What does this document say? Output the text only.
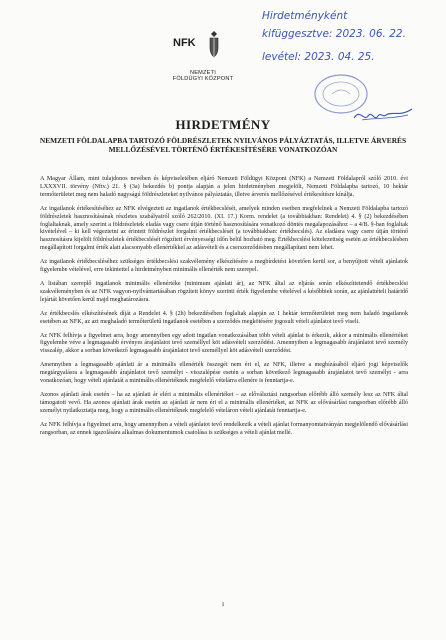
NFK
NEMZETI
FÖLDÜGYI KÖZPONT
Hirdetményként
kifüggesztve: 2023. 06. 22.
levétel: 2023. 04. 25.
HIRDETMÉNY
NEMZETI FÖLDALAPBA TARTOZÓ FÖLDRÉSZLETEK NYILVÁNOS PÁLYÁZTATÁS, ILLETVE ÁRVERÉS MELLŐZÉSÉVEL TÖRTÉNŐ ÉRTÉKESÍTÉSÉRE VONATKOZÓAN

A Magyar Állam, mint tulajdonos nevében és képviseletében eljáró Nemzeti Földügyi Központ (NFK) a Nemzeti Földalapról szóló 2010. évi LXXXVII. törvény (Nftv.) 21. § (3a) bekezdés b) pontja alapján a jelen hirdetményben megjelölt, Nemzeti Földalapba tartozó, 10 hektár termőterületet meg nem haladó nagyságú földrészleteket nyilvános pályáztatás, illetve árverés mellőzésével értékesítésre kínálja.

Az ingatlanok értékesítéséhez az NFK elvégezteti az ingatlanok értékbecslését, amelyek minden esetben megfelelnek a Nemzeti Földalapba tartozó földrészletek hasznosításának részletes szabályairól szóló 262/2010. (XI. 17.) Korm. rendelet (a továbbiakban: Rendelet) 4. § (2) bekezdésében foglaltaknak, amely szerint a földrészletek eladás vagy csere útján történő hasznosítására vonatkozó döntés megalapozásához – a 4/B. §-ban foglaltak kivételével – ki kell végeztetni az érintett földrészlet forgalmi értékbecslését (a továbbiakban: értékbecslés). Az eladásra vagy csere útján történő hasznosításra kijelölt földrészletek értékbecslését rögzített érvényességi időn belül hozható meg. Értékbecslési kötelezettség esetén az értékbecslésben megállapított forgalmi érték alatt alacsonyabb ellenértékkel az adásvételi és a cserszerződésben megállapítani nem lehet.

Az ingatlanok értékbecsléséhez szükséges értékbecslési szakvélemény elkészítésére a megbírdetést követően kerül sor, a benyújtott vételi ajánlatok figyelembe vételével, erre tekintettel a hirdetményben minimális ellenérték nem szerepel.

A listában szereplő ingatlanok minimális ellenértéke (minimum ajánlati ár), az NFK által az eljárás során elkészíttetendő értékbecslési szakvéleményben és az NFK vagyon-nyilvántartásában rögzített könyv szerinti érték figyelembe vételével a későbbiek során, az ajánlattételi határidő lejártát követően kerül majd meghatározásra.

Az értékbecslés elkészítésének díját a Rendelet 4. § (2h) bekezdésében foglaltak alapján az 1 hektár termőterületet meg nem haladó ingatlanok esetében az NFK, az azt meghaladó termőterületű ingatlanok esetében a szerződés megkötésére jogosult vételi ajánlatot tevő viseli.

Az NFK felhívja a figyelmet arra, hogy amennyiben egy adott ingatlan vonatkozásában több vételi ajánlat is érkezik, akkor a minimális ellenértéket figyelembe véve a legmagasabb érvényes árajánlatot tevő személlyel köt adásvételi szerződést. Amennyiben a legmagasabb árajánlatot tevő személy visszalép, akkor a sorban következő legmagasabb árajánlatot tevő személlyel köt adásvételi szerződést.

Amennyiben a legmagasabb ajánlati ár a minimális ellenérték összegét nem éri el, az NFK, illetve a megbízásából eljáró jogi képviselők megtárgyalásra a legmagasabb árajánlatot tevő személyt - visszalépése esetén a sorban következő legmagasabb árajánlatot tevő személyt - arra vonatkozóan, hogy vételi ajánlatát a minimális ellenértéknek megfelelő vételárra ellenére is fenntartja-e.

Azonos ajánlati árak esetén – ha az ajánlati ár eléri a minimális ellenértéket – az előválsztási rangsorban előrébb álló személy lesz az NFK által támogatott vevő. Ha azonos ajánlati árak esetén az ajánlati ár nem éri el a minimális ellenértéket, az NFK az elővásárlási rangsorban előrébb álló személyt nyilatkoztatja meg, hogy a minimális ellenértéknek megfelelő vételáron vételi ajánlatát fenntartja-e.

Az NFK felhívja a figyelmet arra, hogy amennyiben a vételi ajánlatot tevő rendelkezik a vételi ajánlat formanyomtatványán megjelölendő elővásárlási rangsorban, az ennek igazolására alkalmas dokumentumok csatolása is szükséges a vételi ajánlat mellé.

1
